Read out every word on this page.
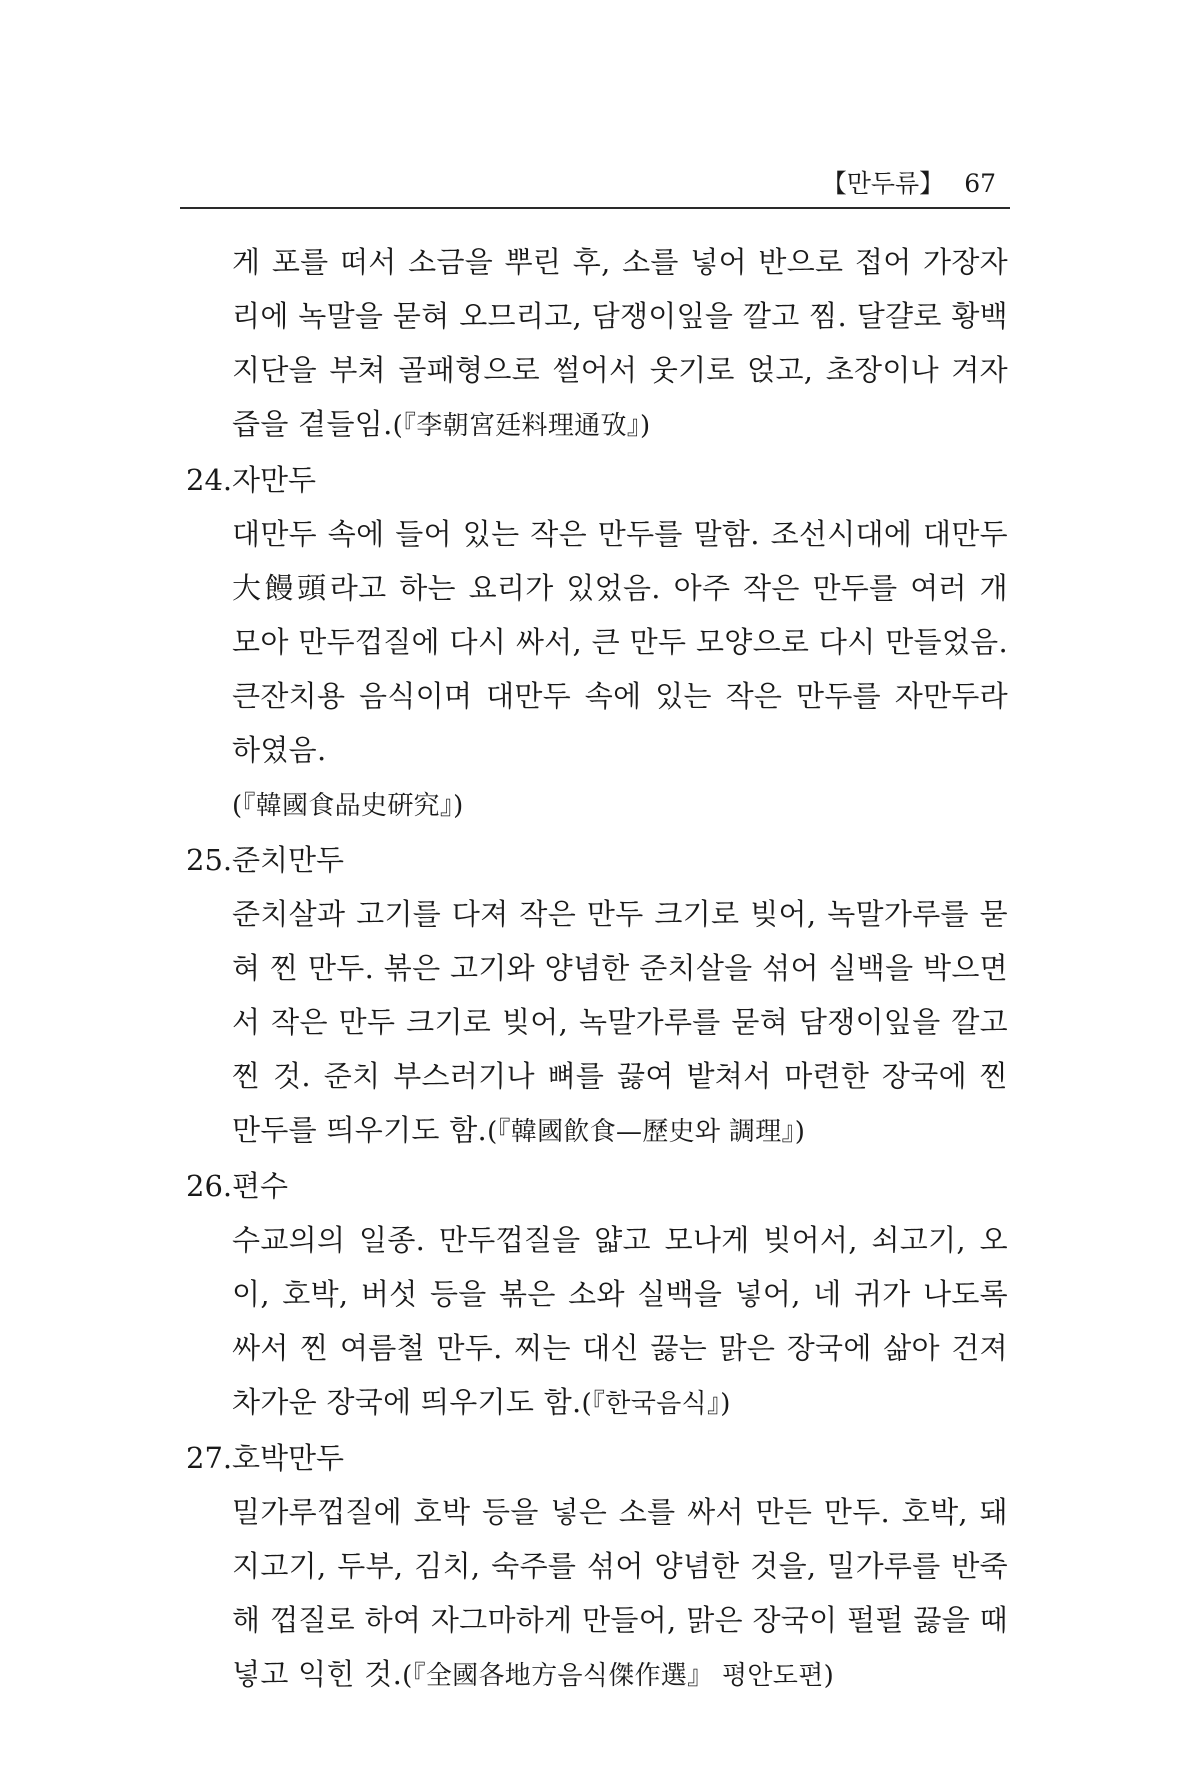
【만두류】 67
게 포를 떠서 소금을 뿌린 후, 소를 넣어 반으로 접어 가장자리에 녹말을 묻혀 오므리고, 담쟁이잎을 깔고 찜. 달걀로 황백 지단을 부쳐 골패형으로 썰어서 웃기로 얹고, 초장이나 겨자즙을 곁들임.(『李朝宮廷料理通攷』)
24.자만두
대만두 속에 들어 있는 작은 만두를 말함. 조선시대에 대만두大饅頭라고 하는 요리가 있었음. 아주 작은 만두를 여러 개 모아 만두껍질에 다시 싸서, 큰 만두 모양으로 다시 만들었음. 큰잔치용 음식이며 대만두 속에 있는 작은 만두를 자만두라 하였음.
(『韓國食品史硏究』)
25.준치만두
준치살과 고기를 다져 작은 만두 크기로 빚어, 녹말가루를 묻혀 찐 만두. 볶은 고기와 양념한 준치살을 섞어 실백을 박으면서 작은 만두 크기로 빚어, 녹말가루를 묻혀 담쟁이잎을 깔고 찐 것. 준치 부스러기나 뼈를 끓여 밭쳐서 마련한 장국에 찐 만두를 띄우기도 함.(『韓國飮食—歷史와 調理』)
26.편수
수교의의 일종. 만두껍질을 얇고 모나게 빚어서, 쇠고기, 오이, 호박, 버섯 등을 볶은 소와 실백을 넣어, 네 귀가 나도록 싸서 찐 여름철 만두. 찌는 대신 끓는 맑은 장국에 삶아 건져 차가운 장국에 띄우기도 함.(『한국음식』)
27.호박만두
밀가루껍질에 호박 등을 넣은 소를 싸서 만든 만두. 호박, 돼지고기, 두부, 김치, 숙주를 섞어 양념한 것을, 밀가루를 반죽해 껍질로 하여 자그마하게 만들어, 맑은 장국이 펄펄 끓을 때 넣고 익힌 것.(『全國各地方음식傑作選』 평안도편)
